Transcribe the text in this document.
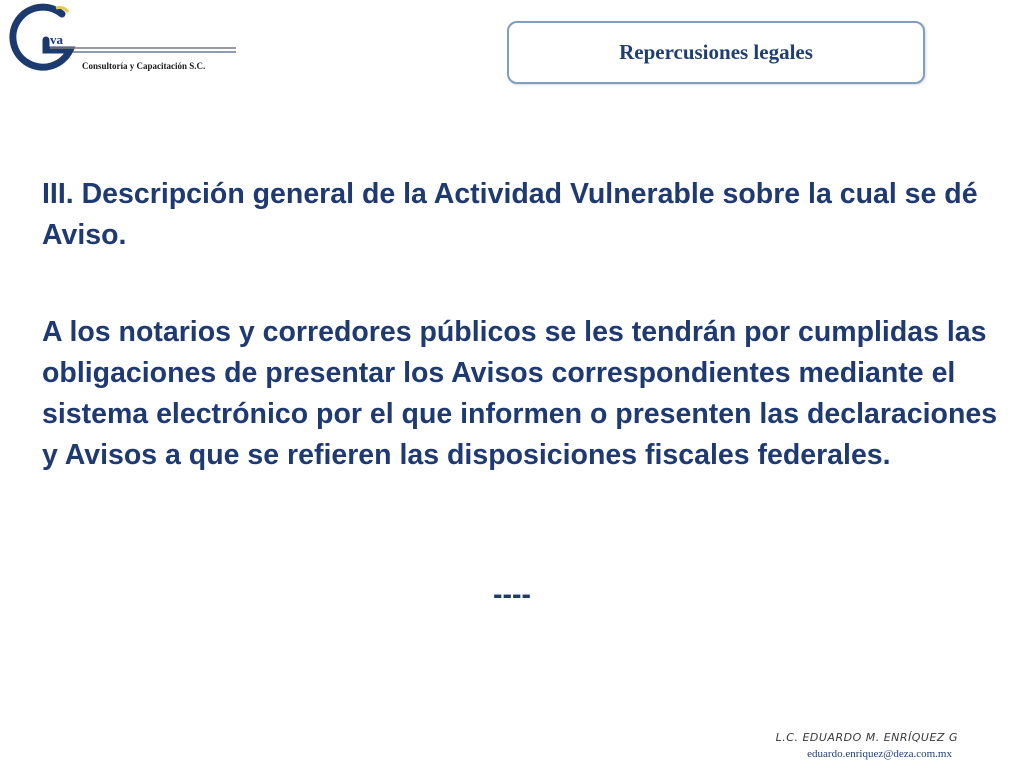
va
Consultoría y Capacitación S.C.
Repercusiones legales

III. Descripción general de la Actividad Vulnerable sobre la cual se dé Aviso.

A los notarios y corredores públicos se les tendrán por cumplidas las obligaciones de presentar los Avisos correspondientes mediante el sistema electrónico por el que informen o presenten las declaraciones y Avisos a que se refieren las disposiciones fiscales federales.

----
L.C. EDUARDO M. ENRÍQUEZ G
eduardo.enriquez@deza.com.mx
